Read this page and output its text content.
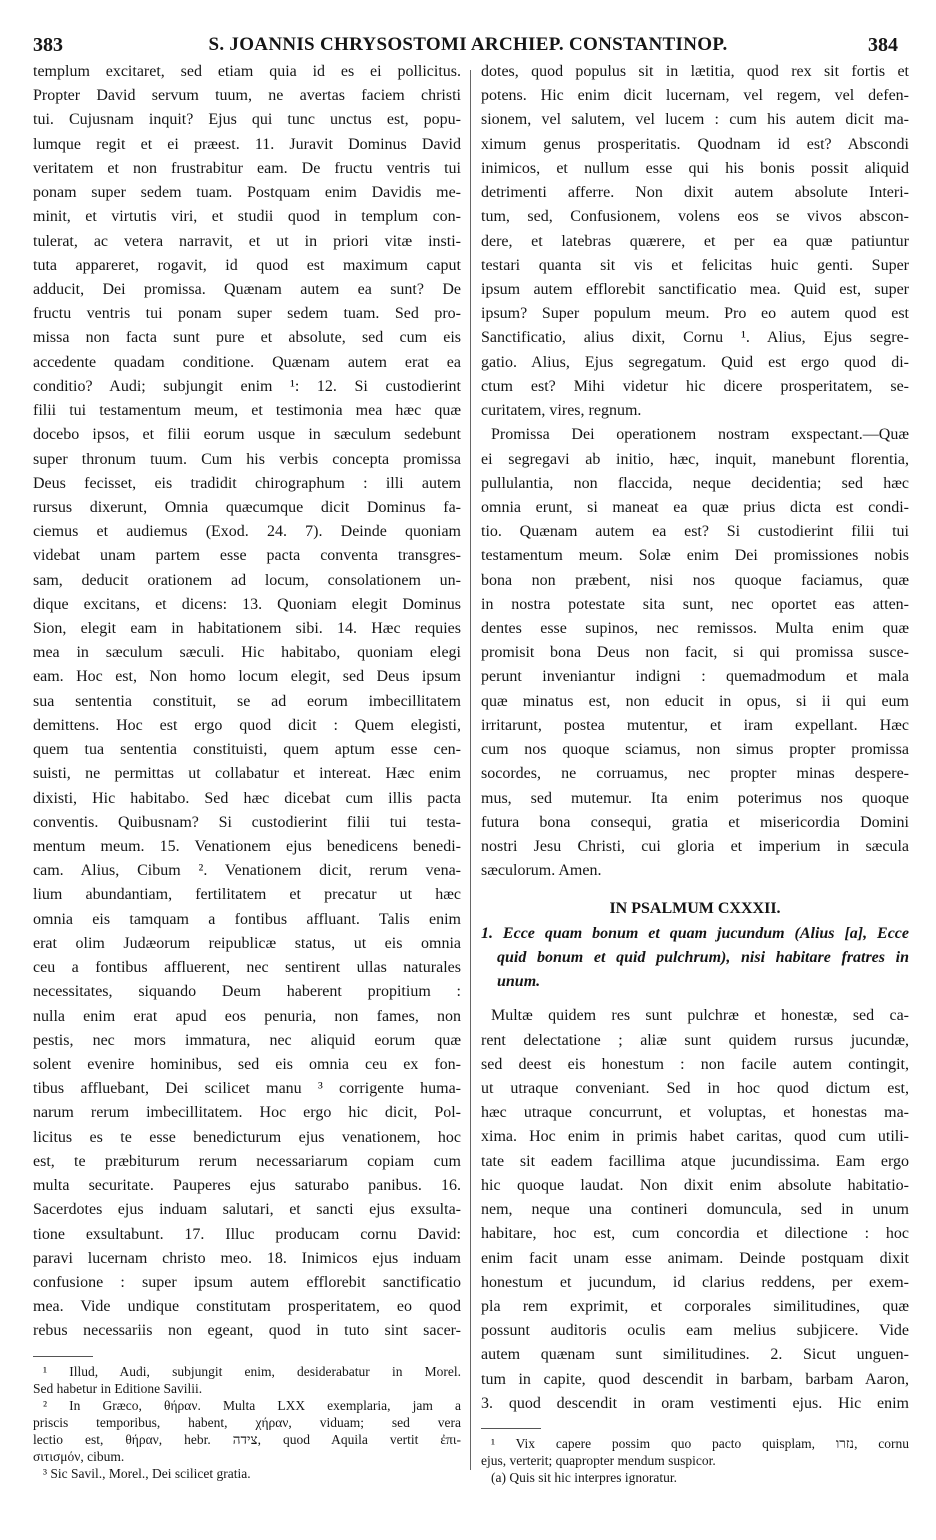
383	S. JOANNIS CHRYSOSTOMI ARCHIEP. CONSTANTINOP.	384
templum excitaret, sed etiam quia id es ei pollicitus.
Propter David servum tuum, ne avertas faciem christi
tui. Cujusnam inquit? Ejus qui tunc unctus est, popu-
lumque regit et ei præest. 11. Juravit Dominus David
veritatem et non frustrabitur eam. De fructu ventris tui
ponam super sedem tuam. Postquam enim Davidis me-
minit, et virtutis viri, et studii quod in templum con-
tulerat, ac vetera narravit, et ut in priori vitæ insti-
tuta appareret, rogavit, id quod est maximum caput
adducit, Dei promissa. Quænam autem ea sunt? De
fructu ventris tui ponam super sedem tuam. Sed pro-
missa non facta sunt pure et absolute, sed cum eis
accedente quadam conditione. Quænam autem erat ea
conditio? Audi; subjungit enim ¹: 12. Si custodierint
filii tui testamentum meum, et testimonia mea hæc quæ
docebo ipsos, et filii eorum usque in sæculum sedebunt
super thronum tuum. Cum his verbis concepta promissa
Deus fecisset, eis tradidit chirographum : illi autem
rursus dixerunt, Omnia quæcumque dicit Dominus fa-
ciemus et audiemus (Exod. 24. 7). Deinde quoniam
videbat unam partem esse pacta conventa transgres-
sam, deducit orationem ad locum, consolationem un-
dique excitans, et dicens: 13. Quoniam elegit Dominus
Sion, elegit eam in habitationem sibi. 14. Hæc requies
mea in sæculum sæculi. Hic habitabo, quoniam elegi
eam. Hoc est, Non homo locum elegit, sed Deus ipsum
sua sententia constituit, se ad eorum imbecillitatem
demittens. Hoc est ergo quod dicit : Quem elegisti,
quem tua sententia constituisti, quem aptum esse cen-
suisti, ne permittas ut collabatur et intereat. Hæc enim
dixisti, Hic habitabo. Sed hæc dicebat cum illis pacta
conventis. Quibusnam? Si custodierint filii tui testa-
mentum meum. 15. Venationem ejus benedicens benedi-
cam. Alius, Cibum ². Venationem dicit, rerum vena-
lium abundantiam, fertilitatem et precatur ut hæc
omnia eis tamquam a fontibus affluant. Talis enim
erat olim Judæorum reipublicæ status, ut eis omnia
ceu a fontibus affluerent, nec sentirent ullas naturales
necessitates, siquando Deum haberent propitium :
nulla enim erat apud eos penuria, non fames, non
pestis, nec mors immatura, nec aliquid eorum quæ
solent evenire hominibus, sed eis omnia ceu ex fon-
tibus affluebant, Dei scilicet manu ³ corrigente huma-
narum rerum imbecillitatem. Hoc ergo hic dicit, Pol-
licitus es te esse benedicturum ejus venationem, hoc
est, te præbiturum rerum necessariarum copiam cum
multa securitate. Pauperes ejus saturabo panibus. 16.
Sacerdotes ejus induam salutari, et sancti ejus exsulta-
tione exsultabunt. 17. Illuc producam cornu David:
paravi lucernam christo meo. 18. Inimicos ejus induam
confusione : super ipsum autem efflorebit sanctificatio
mea. Vide undique constitutam prosperitatem, eo quod
rebus necessariis non egeant, quod in tuto sint sacer-
¹ Illud, Audi, subjungit enim, desiderabatur in Morel.
Sed habetur in Editione Savilii.
² In Græco, θήραν. Multa LXX exemplaria, jam a
priscis temporibus, habent, χήραν, viduam; sed vera
lectio est, θήραν, hebr. צידה, quod Aquila vertit ἐπι-
σιτισμόν, cibum.
³ Sic Savil., Morel., Dei scilicet gratia.
dotes, quod populus sit in lætitia, quod rex sit fortis et
potens. Hic enim dicit lucernam, vel regem, vel defen-
sionem, vel salutem, vel lucem : cum his autem dicit ma-
ximum genus prosperitatis. Quodnam id est? Abscondi
inimicos, et nullum esse qui his bonis possit aliquid
detrimenti afferre. Non dixit autem absolute Interi-
tum, sed, Confusionem, volens eos se vivos abscon-
dere, et latebras quærere, et per ea quæ patiuntur
testari quanta sit vis et felicitas huic genti. Super
ipsum autem efflorebit sanctificatio mea. Quid est, super
ipsum? Super populum meum. Pro eo autem quod est
Sanctificatio, alius dixit, Cornu ¹. Alius, Ejus segre-
gatio. Alius, Ejus segregatum. Quid est ergo quod di-
ctum est? Mihi videtur hic dicere prosperitatem, se-
curitatem, vires, regnum.
Promissa Dei operationem nostram exspectant.—Quæ
ei segregavi ab initio, hæc, inquit, manebunt florentia,
pullulantia, non flaccida, neque decidentia; sed hæc
omnia erunt, si maneat ea quæ prius dicta est condi-
tio. Quænam autem ea est? Si custodierint filii tui
testamentum meum. Solæ enim Dei promissiones nobis
bona non præbent, nisi nos quoque faciamus, quæ
in nostra potestate sita sunt, nec oportet eas atten-
dentes esse supinos, nec remissos. Multa enim quæ
promisit bona Deus non facit, si qui promissa susce-
perunt inveniantur indigni : quemadmodum et mala
quæ minatus est, non educit in opus, si ii qui eum
irritarunt, postea mutentur, et iram expellant. Hæc
cum nos quoque sciamus, non simus propter promissa
socordes, ne corruamus, nec propter minas despere-
mus, sed mutemur. Ita enim poterimus nos quoque
futura bona consequi, gratia et misericordia Domini
nostri Jesu Christi, cui gloria et imperium in sæcula
sæculorum. Amen.
IN PSALMUM CXXXII.
1. Ecce quam bonum et quam jucundum (Alius [a], Ecce
quid bonum et quid pulchrum), nisi habitare fratres in
unum.
Multæ quidem res sunt pulchræ et honestæ, sed ca-
rent delectatione ; aliæ sunt quidem rursus jucundæ,
sed deest eis honestum : non facile autem contingit,
ut utraque conveniant. Sed in hoc quod dictum est,
hæc utraque concurrunt, et voluptas, et honestas ma-
xima. Hoc enim in primis habet caritas, quod cum utili-
tate sit eadem facillima atque jucundissima. Eam ergo
hic quoque laudat. Non dixit enim absolute habitatio-
nem, neque una contineri domuncula, sed in unum
habitare, hoc est, cum concordia et dilectione : hoc
enim facit unam esse animam. Deinde postquam dixit
honestum et jucundum, id clarius reddens, per exem-
pla rem exprimit, et corporales similitudines, quæ
possunt auditoris oculis eam melius subjicere. Vide
autem quænam sunt similitudines. 2. Sicut unguen-
tum in capite, quod descendit in barbam, barbam Aaron,
3. quod descendit in oram vestimenti ejus. Hic enim
¹ Vix capere possim quo pacto quisplam, נזרו, cornu
ejus, verterit; quapropter mendum suspicor.
(a) Quis sit hic interpres ignoratur.
